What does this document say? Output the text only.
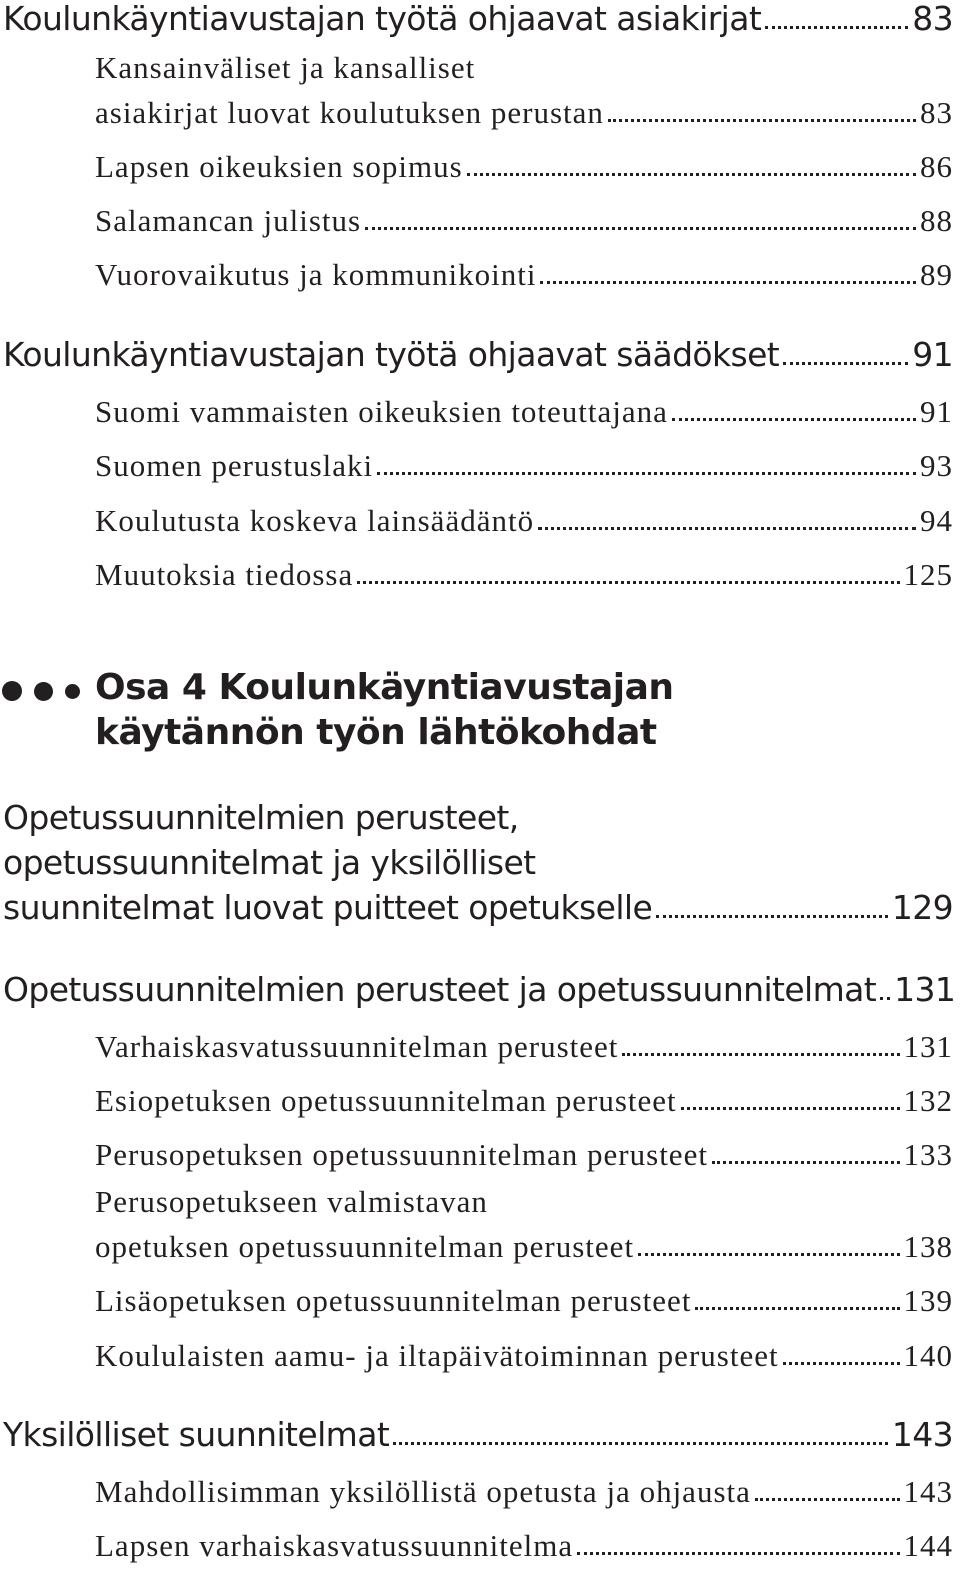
Koulunkäyntiavustajan työtä ohjaavat asiakirjat	83
Kansainväliset ja kansalliset
asiakirjat luovat koulutuksen perustan	83
Lapsen oikeuksien sopimus	86
Salamancan julistus	88
Vuorovaikutus ja kommunikointi	89
Koulunkäyntiavustajan työtä ohjaavat säädökset	91
Suomi vammaisten oikeuksien toteuttajana	91
Suomen perustuslaki	93
Koulutusta koskeva lainsäädäntö	94
Muutoksia tiedossa	125
Osa 4 Koulunkäyntiavustajan
käytännön työn lähtökohdat
Opetussuunnitelmien perusteet,
opetussuunnitelmat ja yksilölliset
suunnitelmat luovat puitteet opetukselle	129
Opetussuunnitelmien perusteet ja opetussuunnitelmat 131
Varhaiskasvatussuunnitelman perusteet	131
Esiopetuksen opetussuunnitelman perusteet	132
Perusopetuksen opetussuunnitelman perusteet	133
Perusopetukseen valmistavan
opetuksen opetussuunnitelman perusteet	138
Lisäopetuksen opetussuunnitelman perusteet	139
Koululaisten aamu- ja iltapäivätoiminnan perusteet	140
Yksilölliset suunnitelmat	143
Mahdollisimman yksilöllistä opetusta ja ohjausta	143
Lapsen varhaiskasvatussuunnitelma	144
